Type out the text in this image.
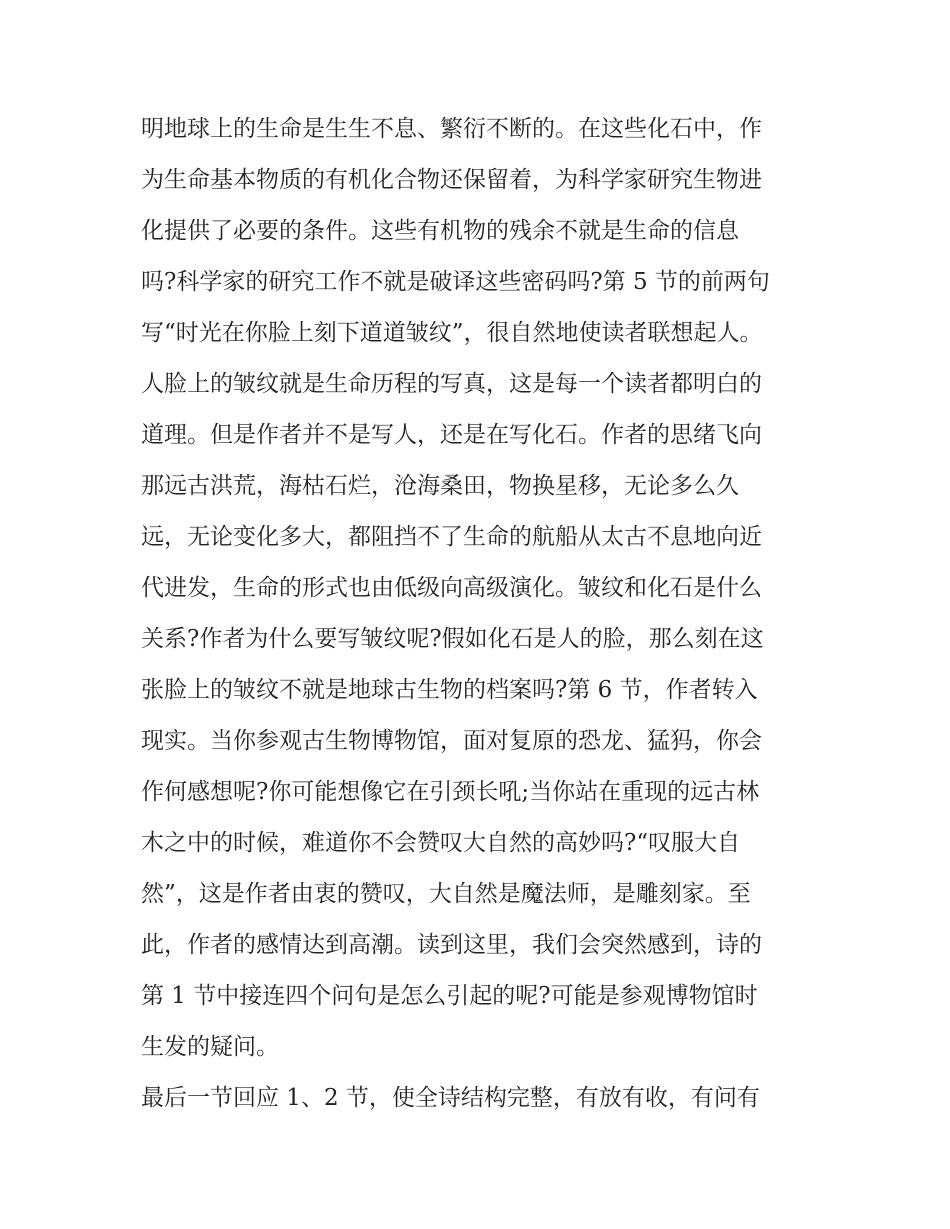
明地球上的生命是生生不息、繁衍不断的。在这些化石中，作

为生命基本物质的有机化合物还保留着，为科学家研究生物进

化提供了必要的条件。这些有机物的残余不就是生命的信息

吗?科学家的研究工作不就是破译这些密码吗?第 5 节的前两句

写“时光在你脸上刻下道道皱纹”，很自然地使读者联想起人。

人脸上的皱纹就是生命历程的写真，这是每一个读者都明白的

道理。但是作者并不是写人，还是在写化石。作者的思绪飞向

那远古洪荒，海枯石烂，沧海桑田，物换星移，无论多么久

远，无论变化多大，都阻挡不了生命的航船从太古不息地向近

代进发，生命的形式也由低级向高级演化。皱纹和化石是什么

关系?作者为什么要写皱纹呢?假如化石是人的脸，那么刻在这

张脸上的皱纹不就是地球古生物的档案吗?第 6 节，作者转入

现实。当你参观古生物博物馆，面对复原的恐龙、猛犸，你会

作何感想呢?你可能想像它在引颈长吼;当你站在重现的远古林

木之中的时候，难道你不会赞叹大自然的高妙吗?“叹服大自

然”，这是作者由衷的赞叹，大自然是魔法师，是雕刻家。至

此，作者的感情达到高潮。读到这里，我们会突然感到，诗的

第 1 节中接连四个问句是怎么引起的呢?可能是参观博物馆时

生发的疑问。

最后一节回应 1、2 节，使全诗结构完整，有放有收，有问有
